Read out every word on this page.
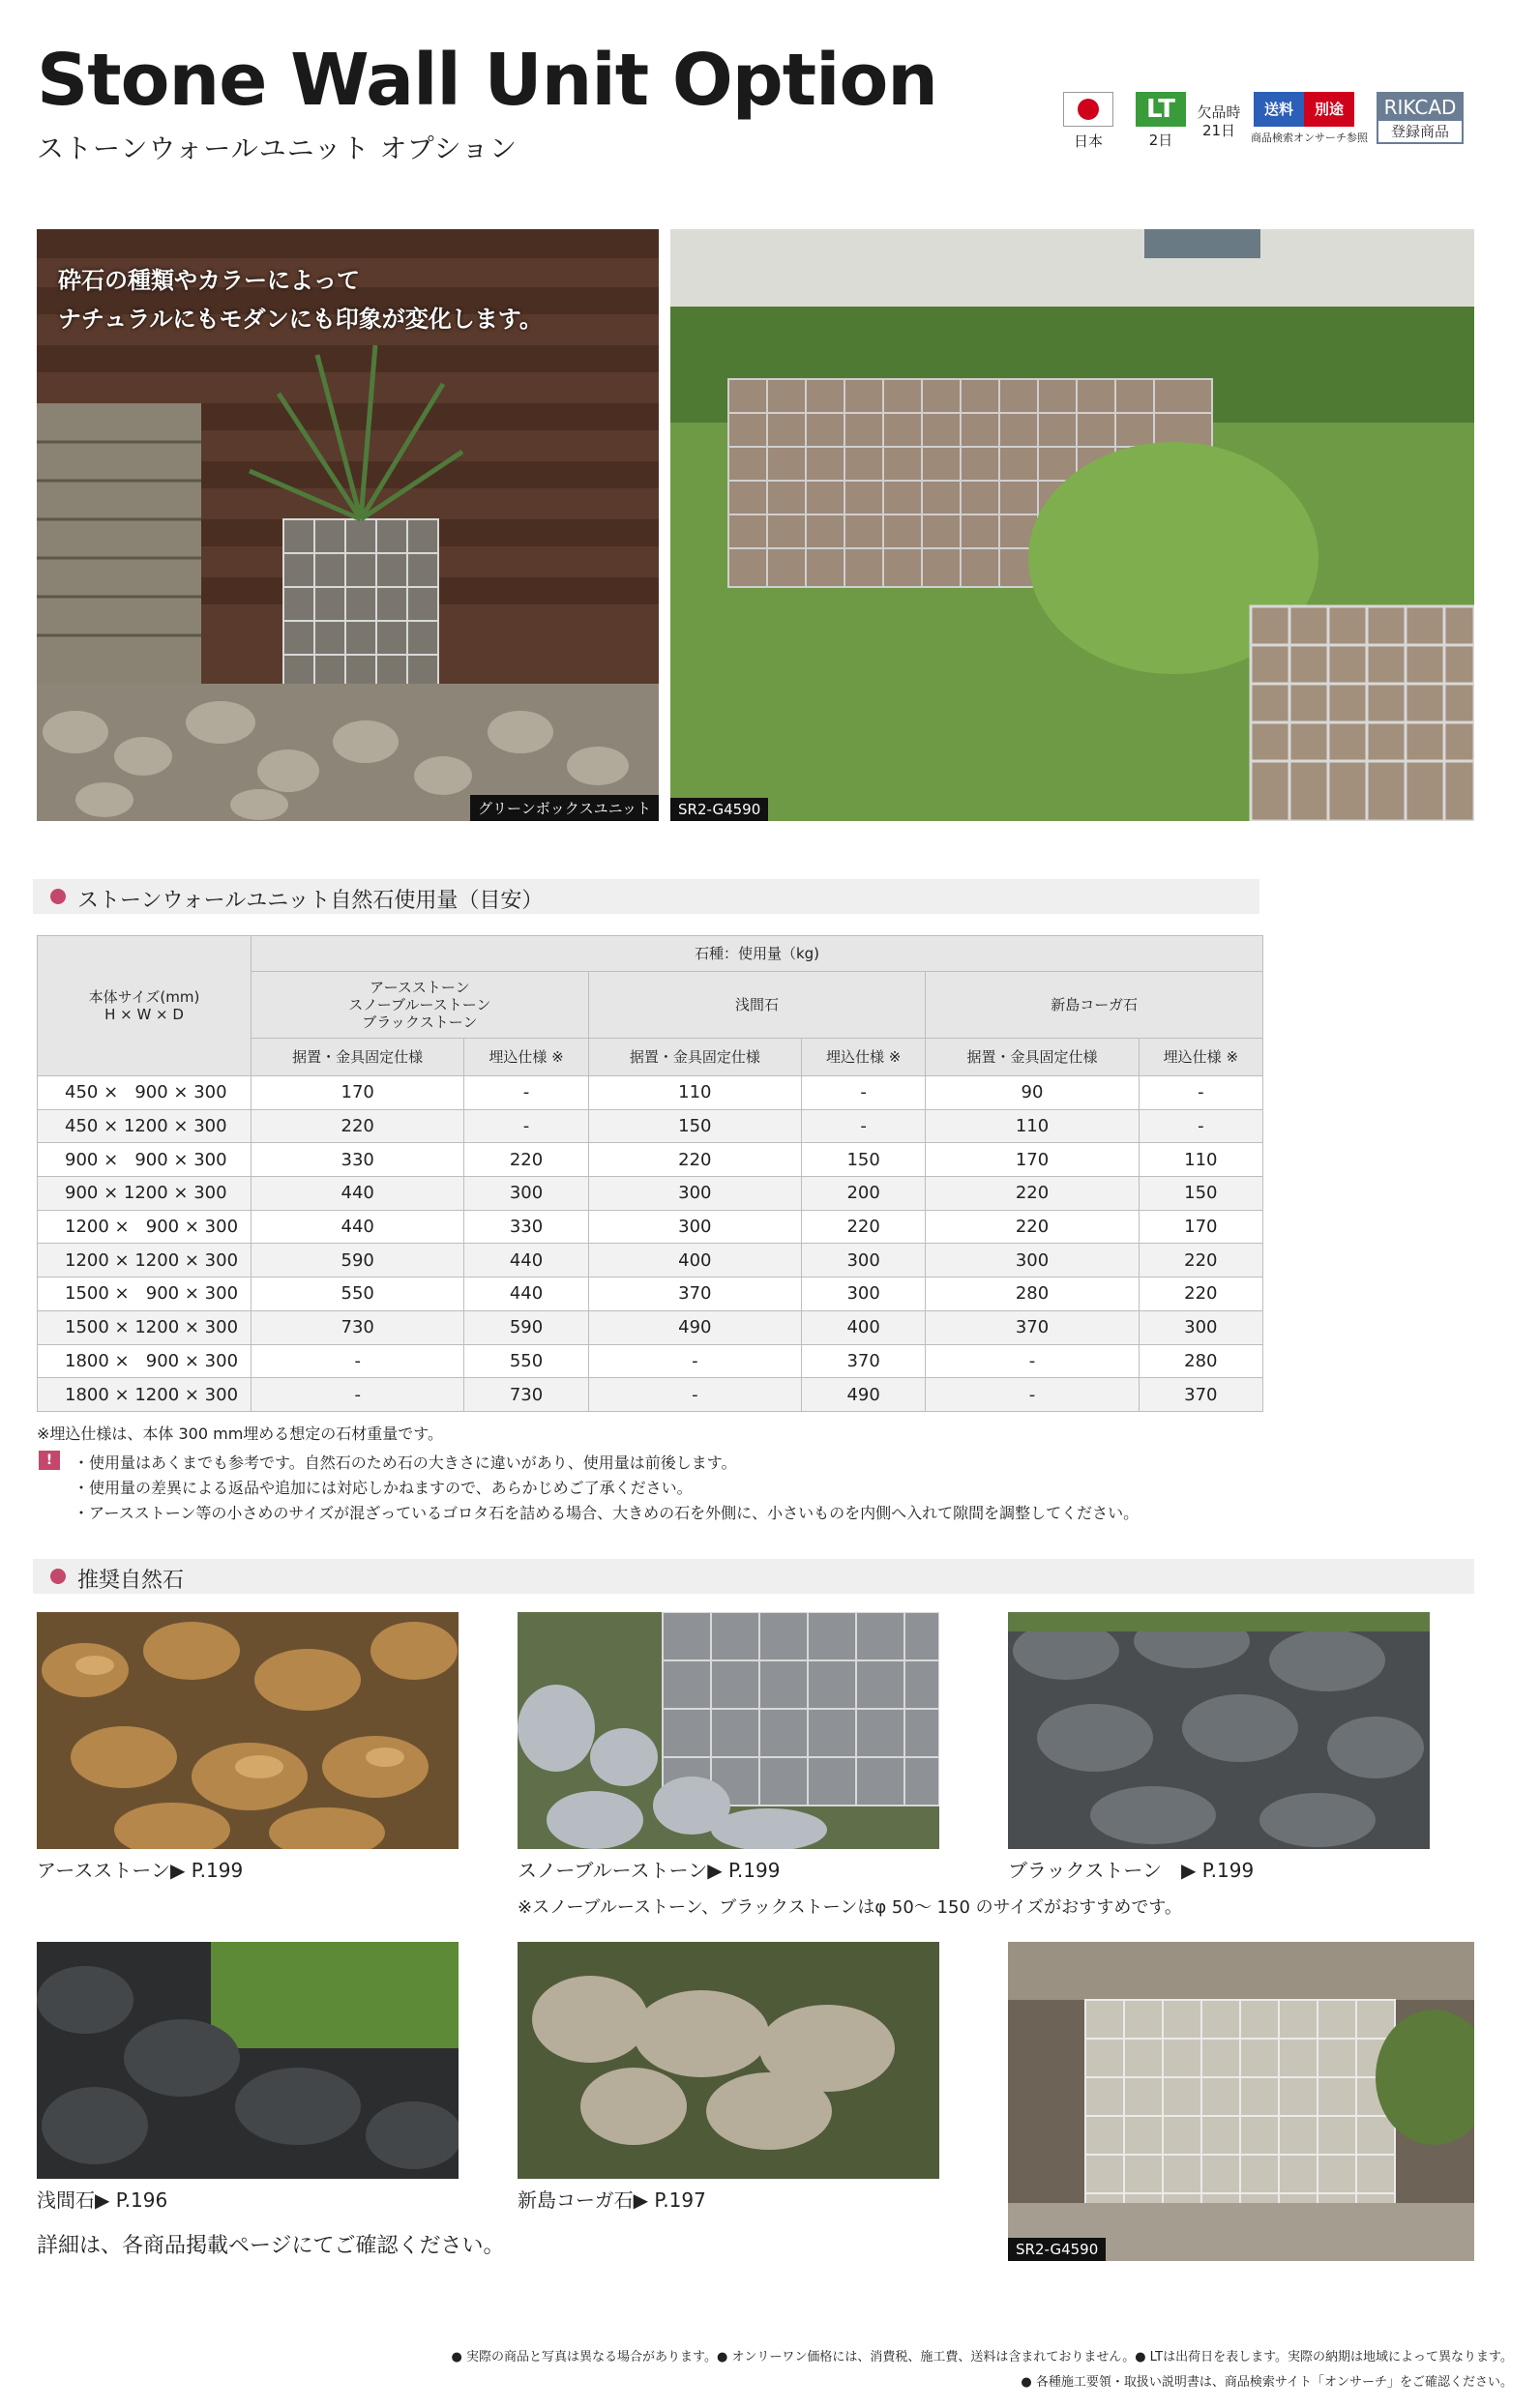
Stone Wall Unit Option
ストーンウォールユニット オプション	日本
LT
2日
欠品時
21日
送料	別途
商品検索オンサーチ参照
RIKCAD
登録商品
グリーンボックスユニット
砕石の種類やカラーによって
ナチュラルにもモダンにも印象が変化します。
SR2-G4590
ストーンウォールユニット自然石使用量（目安）
本体サイズ(mm)
H × W × D	石種：使用量（kg)					

	アースストーン
スノーブルーストーン
ブラックストーン		浅間石		新島コーガ石	
	据置・金具固定仕様	埋込仕様 ※	据置・金具固定仕様	埋込仕様 ※	据置・金具固定仕様	埋込仕様 ※
450 ×   900 × 300	170	-	110	-	90	-
450 × 1200 × 300	220	-	150	-	110	-
900 ×   900 × 300	330	220	220	150	170	110
900 × 1200 × 300	440	300	300	200	220	150
1200 ×   900 × 300	440	330	300	220	220	170
1200 × 1200 × 300	590	440	400	300	300	220
1500 ×   900 × 300	550	440	370	300	280	220
1500 × 1200 × 300	730	590	490	400	370	300
1800 ×   900 × 300	-	550	-	370	-	280
1800 × 1200 × 300	-	730	-	490	-	370
※埋込仕様は、本体 300 mm埋める想定の石材重量です。
!	・使用量はあくまでも参考です。自然石のため石の大きさに違いがあり、使用量は前後します。
・使用量の差異による返品や追加には対応しかねますので、あらかじめご了承ください。
・アースストーン等の小さめのサイズが混ざっているゴロタ石を詰める場合、大きめの石を外側に、小さいものを内側へ入れて隙間を調整してください。
推奨自然石
アースストーン▶ P.199	スノーブルーストーン▶ P.199	ブラックストーン　▶ P.199
※スノーブルーストーン、ブラックストーンはφ 50～ 150 のサイズがおすすめです。
浅間石▶ P.196	新島コーガ石▶ P.197
SR2-G4590
詳細は、各商品掲載ページにてご確認ください。
● 実際の商品と写真は異なる場合があります。● オンリーワン価格には、消費税、施工費、送料は含まれておりません。● LTは出荷日を表します。実際の納期は地域によって異なります。
● 各種施工要領・取扱い説明書は、商品検索サイト「オンサーチ」をご確認ください。
